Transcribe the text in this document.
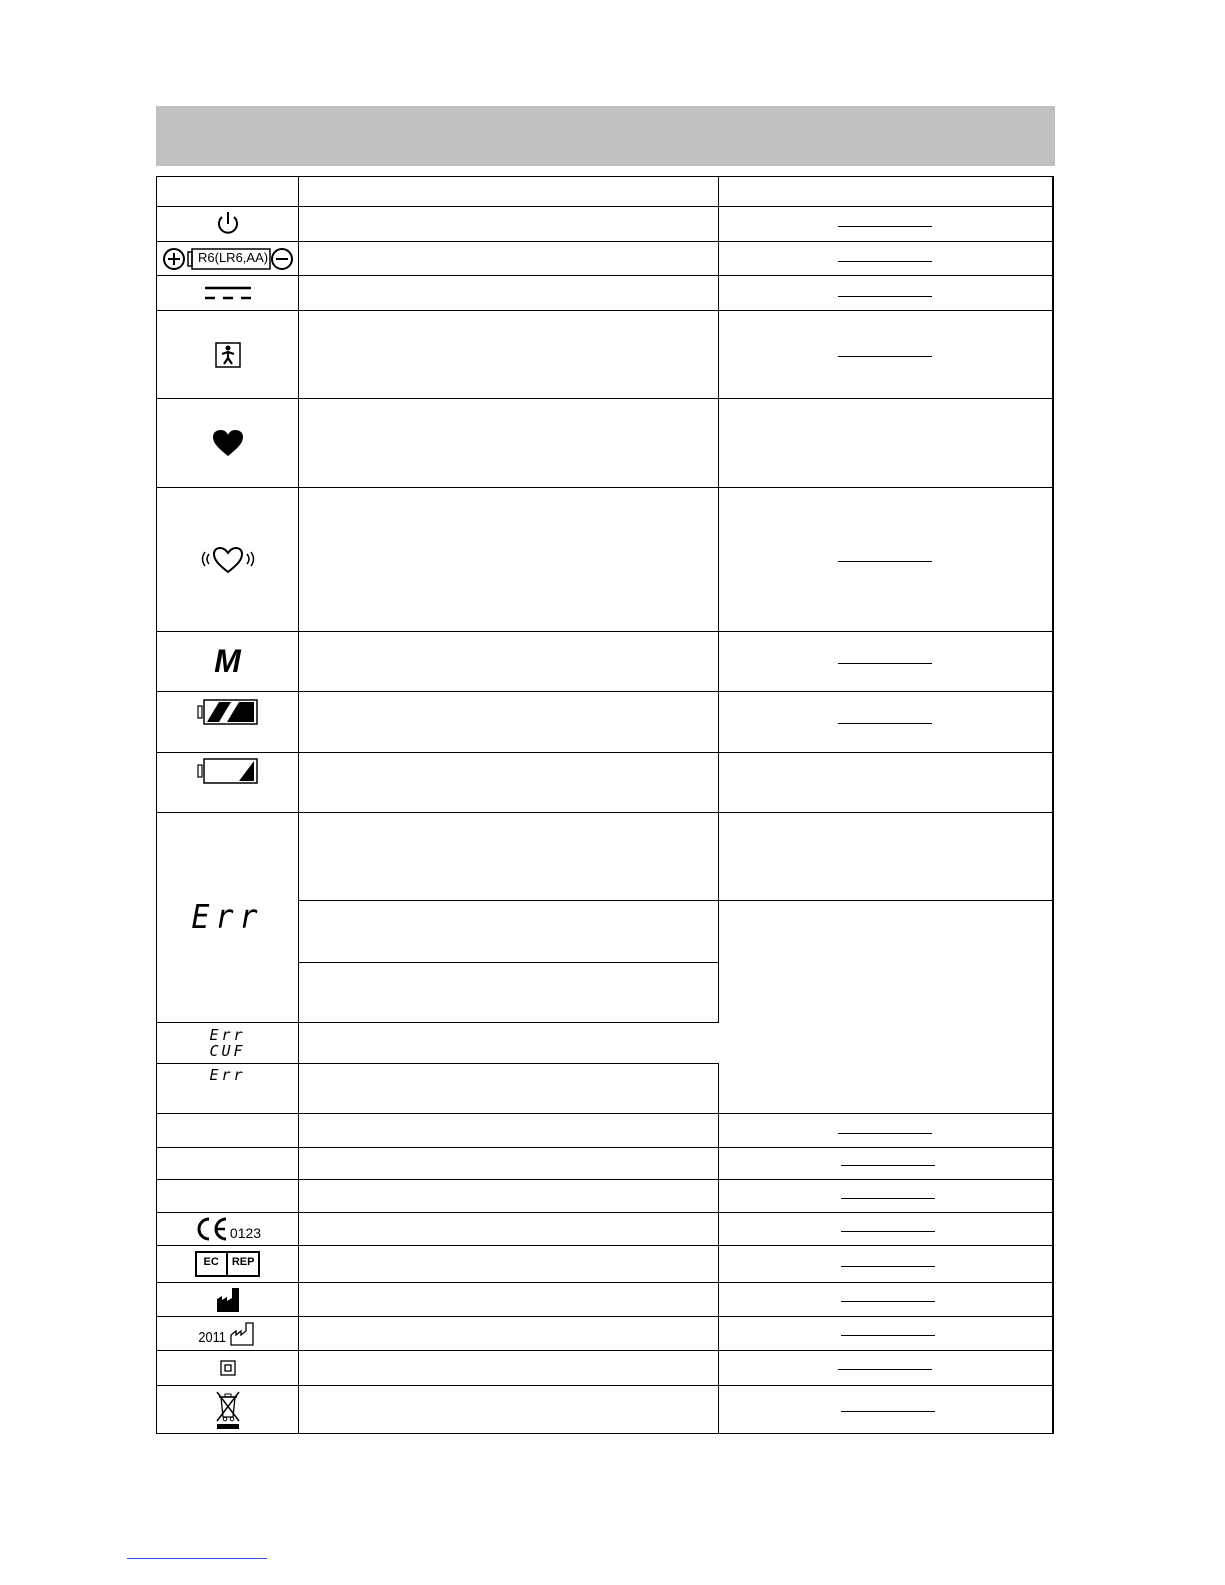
R6(LR6,AA)
M
Err
Err
CUF
Err
0123
EC	REP
2011
